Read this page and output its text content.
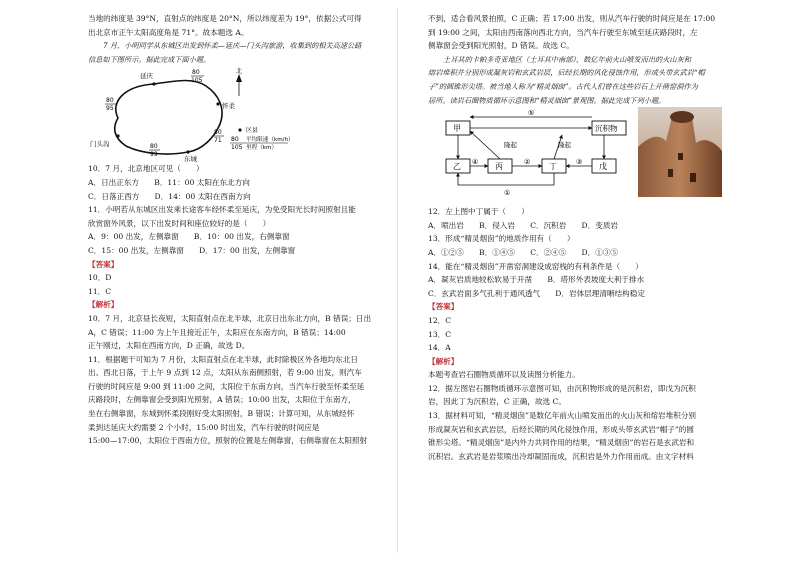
当地的纬度是 39°N，直射点的纬度是 20°N，所以纬度差为 19°，依据公式可得

出北京市正午太阳高度角是 71°。故本题选 A。

7 月，小明同学从东城区出发到怀柔—延庆—门头沟旅游，收集到的相关高速公路

信息如下图所示。据此完成下面小题。

延庆
怀柔
门头沟
东城
80
95
80
105
80
71
80
99
北
区县
80
105
平均限速（km/h）
里程（km）

10．7 月，北京地区可见（　　）

A．日出正东方　　B．11：00 太阳在东北方向

C．日落正西方　　D．14：00 太阳在西南方向

11．小明若从东城区出发乘长途客车经怀柔至延庆，为免受阳光长时间照射且能

欣赏窗外风景，以下出发时间和座位较好的是（　　）

A．9：00 出发，左侧靠窗　　B．10：00 出发，右侧靠窗

C．15：00 出发，左侧靠窗　　D．17：00 出发，左侧靠窗

【答案】

10．D

11．C

【解析】

10．7 月，北京昼长夜短，太阳直射点在北半球，北京日出东北方向，B 错误；日出

A，C 错误；11:00 为上午且接近正午，太阳应在东南方向，B 错误；14:00

正午刚过，太阳在西南方向，D 正确，故选 D。

11．根据题干可知为 7 月份，太阳直射点在北半球，此时除极区外各地均东北日

出、西北日落，于上午 9 点到 12 点，太阳从东南侧照射，若 9:00 出发，则汽车

行驶的时间应是 9:00 到 11:00 之间，太阳位于东南方向，当汽车行驶至怀柔至延

庆路段时，左侧靠窗会受到阳光照射，A 错误；10:00 出发，太阳位于东南方，

坐在右侧靠窗，东城到怀柔段刚好受太阳照射，B 错误；计算可知，从东城经怀

柔到达延庆大约需要 2 个小时，15:00 时出发，汽车行驶的时间应是

15:00—17:00，太阳位于西南方位，照射的位置是左侧靠窗，右侧靠窗在太阳照射

不到，适合看风景拍照，C 正确；若 17:00 出发，则从汽车行驶的时间应是在 17:00

到 19:00 之间，太阳由西南落向西北方向，当汽车行驶至东城至延庆路段时，左

侧靠窗会受到阳光照射，D 错误。故选 C。

土耳其的卡帕多奇亚地区（土耳其中南部），数亿年前火山喷发而出的火山灰和

熔岩堆积并分别形成凝灰岩和玄武岩层，后经长期的风化侵蚀作用，形成头带玄武岩“帽

子”的圆锥形尖塔。被当地人称为“精灵烟囱”。古代人们曾在这些岩石上开凿窑洞作为

居所。读岩石圈物质循环示意图和“精灵烟囱”景观图。据此完成下列小题。

甲
乙	丙	丁	戊
沉积物
⑤
隆起	隆起
②
④	③
①

12．左上图中丁属于（　　）

A．喷出岩　　B．侵入岩　　C．沉积岩　　D．变质岩

13．形成“精灵烟囱”的地质作用有（　　）

A．①②⑤　　B．①④⑤　　C．②④⑤　　D．①③⑤

14．能在“精灵烟囱”开凿窑洞建设成窑栈的有利条件是（　　）

A．凝灰岩质地较松软易于开凿　　B．塔形外表坡度大利于排水

C．玄武岩面多气孔利于通风透气　　D．岩体层理清晰结构稳定

【答案】

12．C

13．C

14．A

【解析】

本题考查岩石圈物质循环以及读图分析能力。

12．据左图岩石圈物质循环示意图可知，由沉积物形成的是沉积岩，即戊为沉积

岩，因此丁为沉积岩，C 正确，故选 C。

13．据材料可知，“精灵烟囱”是数亿年前火山喷发而出的火山灰和熔岩堆积分别

形成凝灰岩和玄武岩层，后经长期的风化侵蚀作用，形成头带玄武岩“帽子”的圆

锥形尖塔。“精灵烟囱”是内外力共同作用的结果，“精灵烟囱”的岩石是玄武岩和

沉积岩。玄武岩是岩浆喷出冷却凝固而成，沉积岩是外力作用而成。由文字材料
